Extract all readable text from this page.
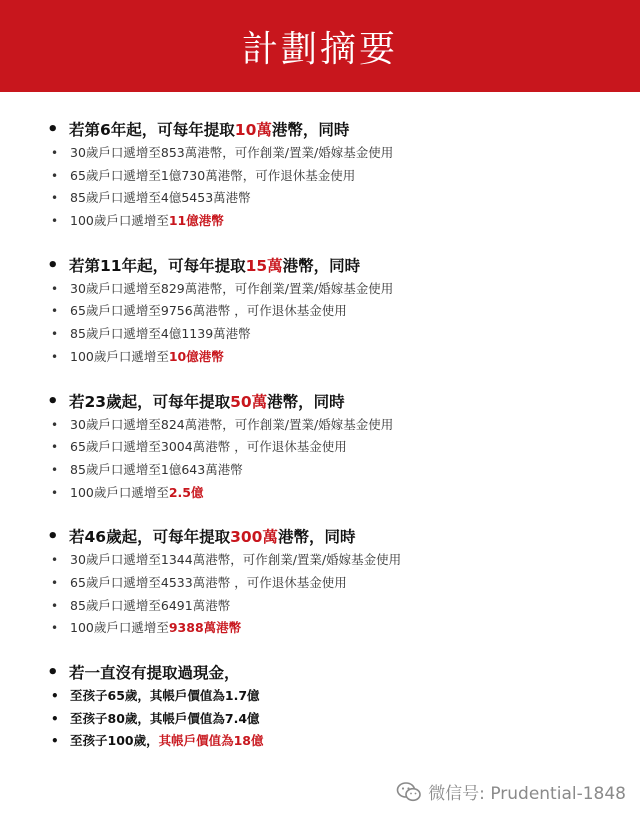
計劃摘要
• 若第6年起，可每年提取10萬港幣，同時
• 30歲戶口遞增至853萬港幣，可作創業/置業/婚嫁基金使用
• 65歲戶口遞增至1億730萬港幣，可作退休基金使用
• 85歲戶口遞增至4億5453萬港幣
• 100歲戶口遞增至11億港幣
• 若第11年起，可每年提取15萬港幣，同時
• 30歲戶口遞增至829萬港幣，可作創業/置業/婚嫁基金使用
• 65歲戶口遞增至9756萬港幣 ，可作退休基金使用
• 85歲戶口遞增至4億1139萬港幣
• 100歲戶口遞增至10億港幣
• 若23歲起，可每年提取50萬港幣，同時
• 30歲戶口遞增至824萬港幣，可作創業/置業/婚嫁基金使用
• 65歲戶口遞增至3004萬港幣 ，可作退休基金使用
• 85歲戶口遞增至1億643萬港幣
• 100歲戶口遞增至2.5億
• 若46歲起，可每年提取300萬港幣，同時
• 30歲戶口遞增至1344萬港幣，可作創業/置業/婚嫁基金使用
• 65歲戶口遞增至4533萬港幣 ，可作退休基金使用
• 85歲戶口遞增至6491萬港幣
• 100歲戶口遞增至9388萬港幣
• 若一直沒有提取過現金，
• 至孩子65歲，其帳戶價值為1.7億
• 至孩子80歲，其帳戶價值為7.4億
• 至孩子100歲，其帳戶價值為18億
微信号: Prudential-1848
